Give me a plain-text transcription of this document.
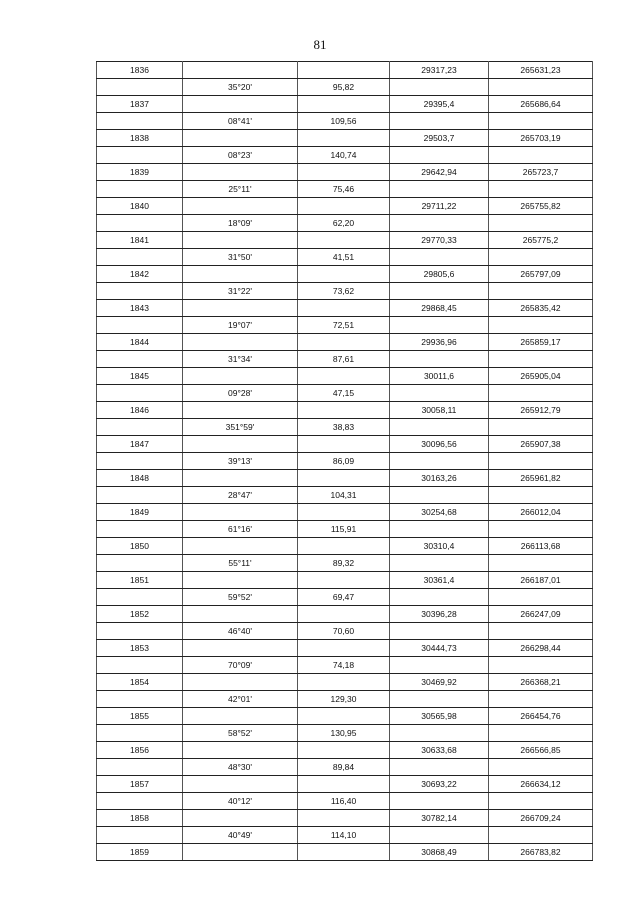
81
1836			29317,23	265631,23
	35°20'	95,82		
1837			29395,4	265686,64
	08°41'	109,56		
1838			29503,7	265703,19
	08°23'	140,74		
1839			29642,94	265723,7
	25°11'	75,46		
1840			29711,22	265755,82
	18°09'	62,20		
1841			29770,33	265775,2
	31°50'	41,51		
1842			29805,6	265797,09
	31°22'	73,62		
1843			29868,45	265835,42
	19°07'	72,51		
1844			29936,96	265859,17
	31°34'	87,61		
1845			30011,6	265905,04
	09°28'	47,15		
1846			30058,11	265912,79
	351°59'	38,83		
1847			30096,56	265907,38
	39°13'	86,09		
1848			30163,26	265961,82
	28°47'	104,31		
1849			30254,68	266012,04
	61°16'	115,91		
1850			30310,4	266113,68
	55°11'	89,32		
1851			30361,4	266187,01
	59°52'	69,47		
1852			30396,28	266247,09
	46°40'	70,60		
1853			30444,73	266298,44
	70°09'	74,18		
1854			30469,92	266368,21
	42°01'	129,30		
1855			30565,98	266454,76
	58°52'	130,95		
1856			30633,68	266566,85
	48°30'	89,84		
1857			30693,22	266634,12
	40°12'	116,40		
1858			30782,14	266709,24
	40°49'	114,10		
1859			30868,49	266783,82
